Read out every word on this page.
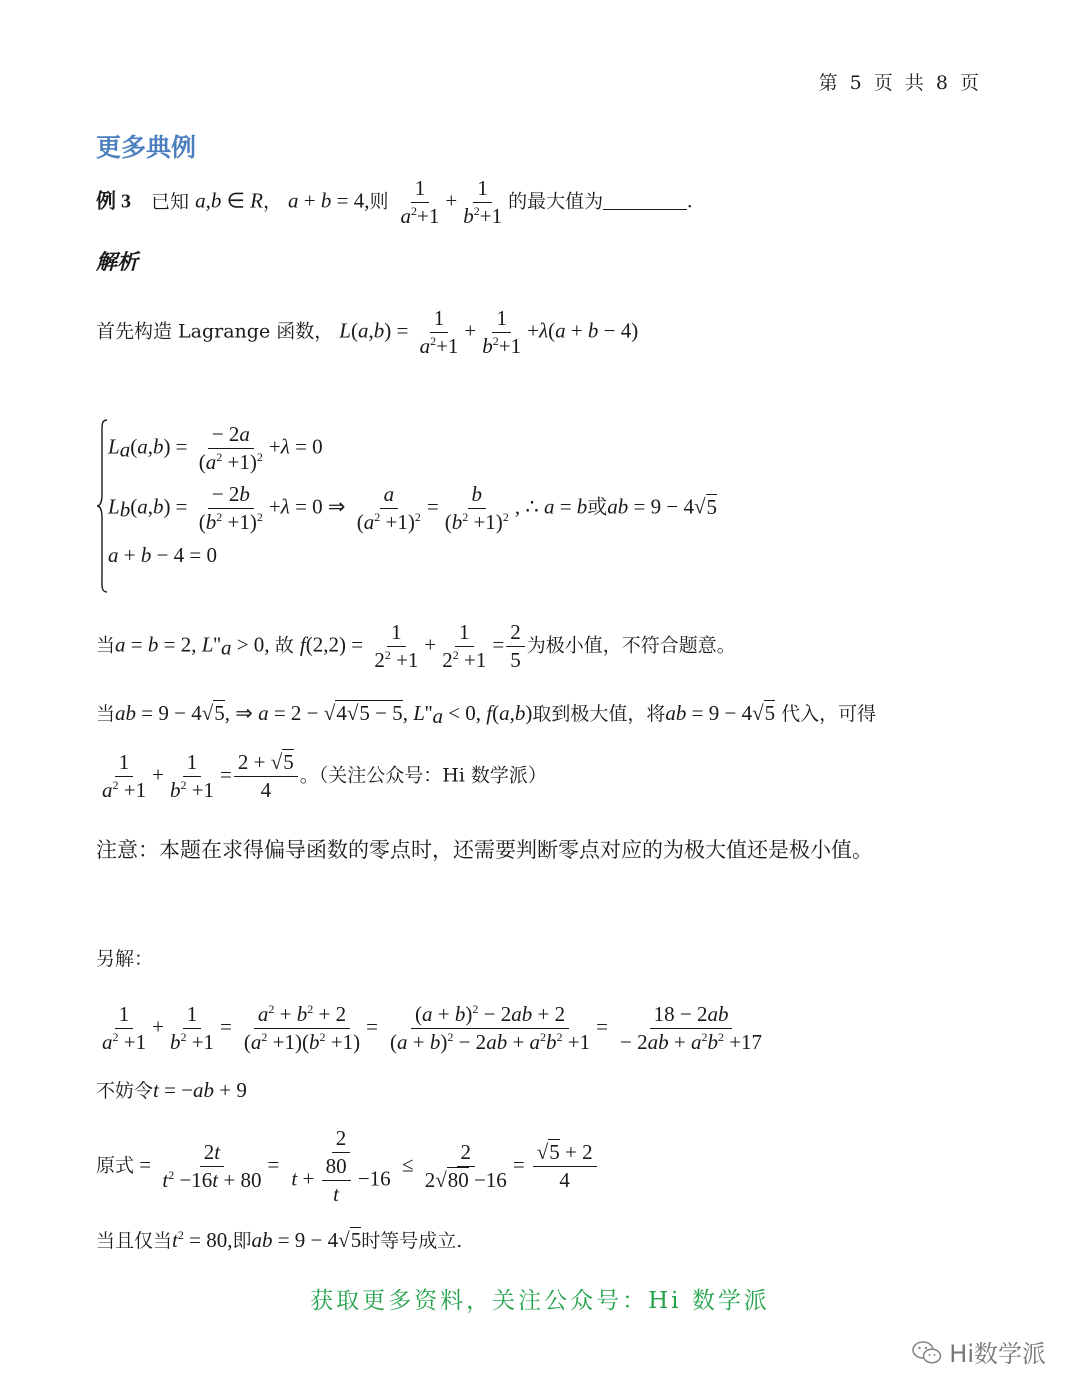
第 5 页 共 8 页
更多典例
例 3 已知 a,b ∈ R， a + b = 4,则 $\frac{1}{a^2+1} + \frac{1}{b^2+1}$ 的最大值为	.
解析
首先构造 Lagrange 函数， $L(a,b) = \frac{1}{a^2+1} + \frac{1}{b^2+1} +\lambda(a + b - 4)$
$L_a(a,b) = \frac{- 2a}{(a^2 +1)^2} +\lambda = 0$
$L_b(a,b) = \frac{- 2b}{(b^2 +1)^2} +\lambda = 0$ ⇒ $\frac{a}{(a^2 +1)^2} = \frac{b}{(b^2 +1)^2}$ , ∴ a = b或ab = 9 − 4√5
a + b − 4 = 0
当a = b = 2, $L''_a > 0$, 故 $f(2,2) = \frac{1}{2^2 +1} + \frac{1}{2^2 +1} = \frac{2}{5}$ 为极小值，不符合题意。
当ab = 9 − 4√5, ⇒ a = 2 − √4√5 − 5, $L''_a < 0$, f(a,b)取到极大值，将ab = 9 − 4√5 代入，可得
$\frac{1}{a^2 +1} + \frac{1}{b^2 +1} = \frac{2 + √5}{4}$ 。（关注公众号：Hi 数学派）
注意：本题在求得偏导函数的零点时，还需要判断零点对应的为极大值还是极小值。
另解：
$\frac{1}{a^2 +1} + \frac{1}{b^2 +1} = \frac{a^2 + b^2 + 2}{(a^2 +1)(b^2 +1)} = \frac{(a + b)^2 - 2ab + 2}{(a + b)^2 - 2ab + a^2b^2 +1} = \frac{18 - 2ab}{- 2ab + a^2b^2 +17}$
不妨令t = −ab + 9
原式 = $\frac{2t}{t^2 -16t + 80} = \frac{2}{t + \frac{80}{t} -16} \le \frac{2}{2√80 -16} = \frac{√5 + 2}{4}$
当且仅当$t^2 = 80$,即ab = 9 − 4√5时等号成立.
获取更多资料，关注公众号：Hi 数学派
Hi数学派
